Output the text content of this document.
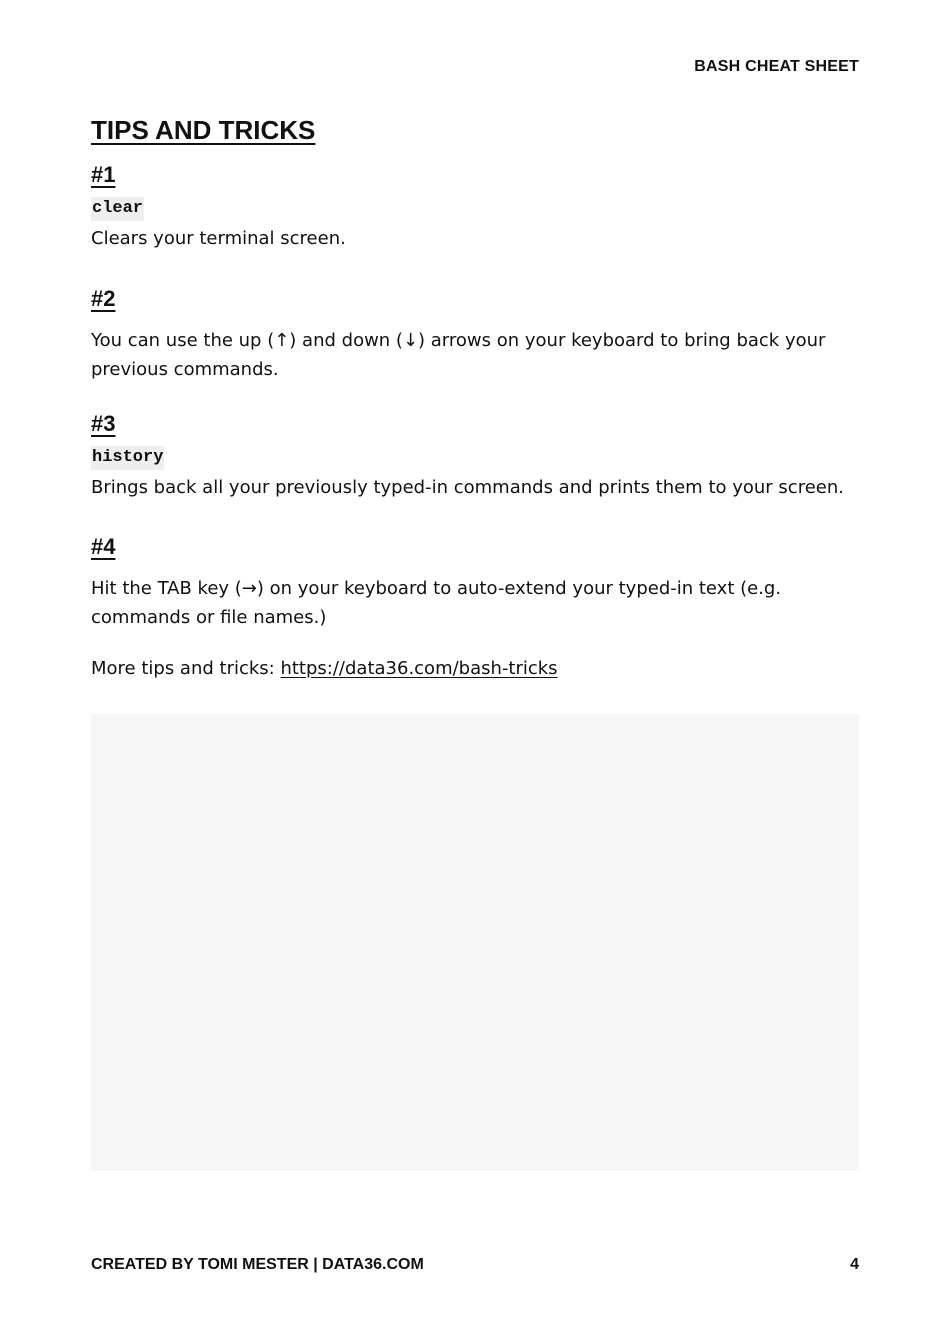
BASH CHEAT SHEET
TIPS AND TRICKS
#1
clear

Clears your terminal screen.

#2

You can use the up (↑) and down (↓) arrows on your keyboard to bring back your previous commands.

#3
history

Brings back all your previously typed-in commands and prints them to your screen.

#4

Hit the TAB key (→) on your keyboard to auto-extend your typed-in text (e.g. commands or file names.)

More tips and tricks: https://data36.com/bash-tricks

CREATED BY TOMI MESTER | DATA36.COM	4
